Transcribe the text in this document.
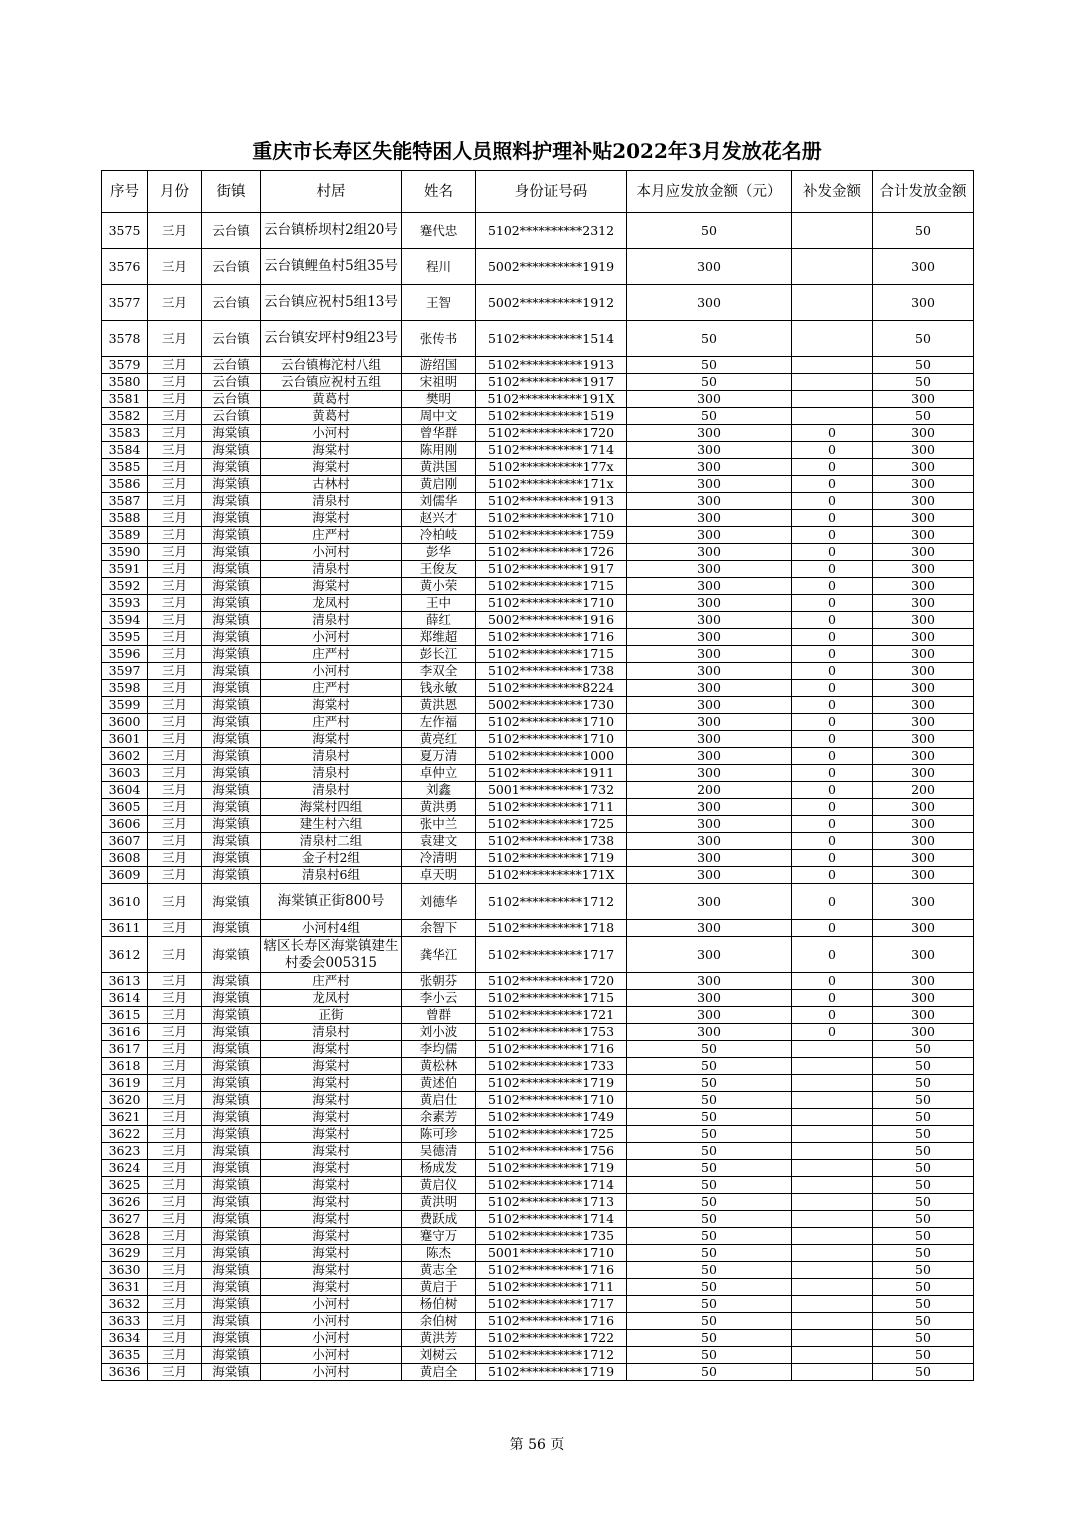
重庆市长寿区失能特困人员照料护理补贴2022年3月发放花名册
序号	月份	街镇	村居	姓名	身份证号码	本月应发放金额（元）	补发金额	合计发放金额
3575	三月	云台镇	云台镇桥坝村2组20号	蹇代忠	5102**********2312	50		50
3576	三月	云台镇	云台镇鲤鱼村5组35号	程川	5002**********1919	300		300
3577	三月	云台镇	云台镇应祝村5组13号	王智	5002**********1912	300		300
3578	三月	云台镇	云台镇安坪村9组23号	张传书	5102**********1514	50		50
3579	三月	云台镇	云台镇梅沱村八组	游绍国	5102**********1913	50		50
3580	三月	云台镇	云台镇应祝村五组	宋祖明	5102**********1917	50		50
3581	三月	云台镇	黄葛村	樊明	5102**********191X	300		300
3582	三月	云台镇	黄葛村	周中文	5102**********1519	50		50
3583	三月	海棠镇	小河村	曾华群	5102**********1720	300	0	300
3584	三月	海棠镇	海棠村	陈用刚	5102**********1714	300	0	300
3585	三月	海棠镇	海棠村	黄洪国	5102**********177x	300	0	300
3586	三月	海棠镇	古林村	黄启刚	5102**********171x	300	0	300
3587	三月	海棠镇	清泉村	刘儒华	5102**********1913	300	0	300
3588	三月	海棠镇	海棠村	赵兴才	5102**********1710	300	0	300
3589	三月	海棠镇	庄严村	冷柏岐	5102**********1759	300	0	300
3590	三月	海棠镇	小河村	彭华	5102**********1726	300	0	300
3591	三月	海棠镇	清泉村	王俊友	5102**********1917	300	0	300
3592	三月	海棠镇	海棠村	黄小荣	5102**********1715	300	0	300
3593	三月	海棠镇	龙凤村	王中	5102**********1710	300	0	300
3594	三月	海棠镇	清泉村	薛红	5002**********1916	300	0	300
3595	三月	海棠镇	小河村	郑维超	5102**********1716	300	0	300
3596	三月	海棠镇	庄严村	彭长江	5102**********1715	300	0	300
3597	三月	海棠镇	小河村	李双全	5102**********1738	300	0	300
3598	三月	海棠镇	庄严村	钱永敏	5102**********8224	300	0	300
3599	三月	海棠镇	海棠村	黄洪恩	5002**********1730	300	0	300
3600	三月	海棠镇	庄严村	左作福	5102**********1710	300	0	300
3601	三月	海棠镇	海棠村	黄亮红	5102**********1710	300	0	300
3602	三月	海棠镇	清泉村	夏万清	5102**********1000	300	0	300
3603	三月	海棠镇	清泉村	卓仲立	5102**********1911	300	0	300
3604	三月	海棠镇	清泉村	刘鑫	5001**********1732	200	0	200
3605	三月	海棠镇	海棠村四组	黄洪勇	5102**********1711	300	0	300
3606	三月	海棠镇	建生村六组	张中兰	5102**********1725	300	0	300
3607	三月	海棠镇	清泉村二组	袁建文	5102**********1738	300	0	300
3608	三月	海棠镇	金子村2组	冷清明	5102**********1719	300	0	300
3609	三月	海棠镇	清泉村6组	卓天明	5102**********171X	300	0	300
3610	三月	海棠镇	海棠镇正街800号	刘德华	5102**********1712	300	0	300
3611	三月	海棠镇	小河村4组	余智下	5102**********1718	300	0	300
3612	三月	海棠镇	辖区长寿区海棠镇建生村委会005315	龚华江	5102**********1717	300	0	300
3613	三月	海棠镇	庄严村	张朝芬	5102**********1720	300	0	300
3614	三月	海棠镇	龙凤村	李小云	5102**********1715	300	0	300
3615	三月	海棠镇	正街	曾群	5102**********1721	300	0	300
3616	三月	海棠镇	清泉村	刘小波	5102**********1753	300	0	300
3617	三月	海棠镇	海棠村	李均儒	5102**********1716	50		50
3618	三月	海棠镇	海棠村	黄松林	5102**********1733	50		50
3619	三月	海棠镇	海棠村	黄述伯	5102**********1719	50		50
3620	三月	海棠镇	海棠村	黄启仕	5102**********1710	50		50
3621	三月	海棠镇	海棠村	余素芳	5102**********1749	50		50
3622	三月	海棠镇	海棠村	陈可珍	5102**********1725	50		50
3623	三月	海棠镇	海棠村	吴德清	5102**********1756	50		50
3624	三月	海棠镇	海棠村	杨成发	5102**********1719	50		50
3625	三月	海棠镇	海棠村	黄启仪	5102**********1714	50		50
3626	三月	海棠镇	海棠村	黄洪明	5102**********1713	50		50
3627	三月	海棠镇	海棠村	费跃成	5102**********1714	50		50
3628	三月	海棠镇	海棠村	蹇守万	5102**********1735	50		50
3629	三月	海棠镇	海棠村	陈杰	5001**********1710	50		50
3630	三月	海棠镇	海棠村	黄志全	5102**********1716	50		50
3631	三月	海棠镇	海棠村	黄启于	5102**********1711	50		50
3632	三月	海棠镇	小河村	杨伯树	5102**********1717	50		50
3633	三月	海棠镇	小河村	余伯树	5102**********1716	50		50
3634	三月	海棠镇	小河村	黄洪芳	5102**********1722	50		50
3635	三月	海棠镇	小河村	刘树云	5102**********1712	50		50
3636	三月	海棠镇	小河村	黄启全	5102**********1719	50		50
第 56 页
